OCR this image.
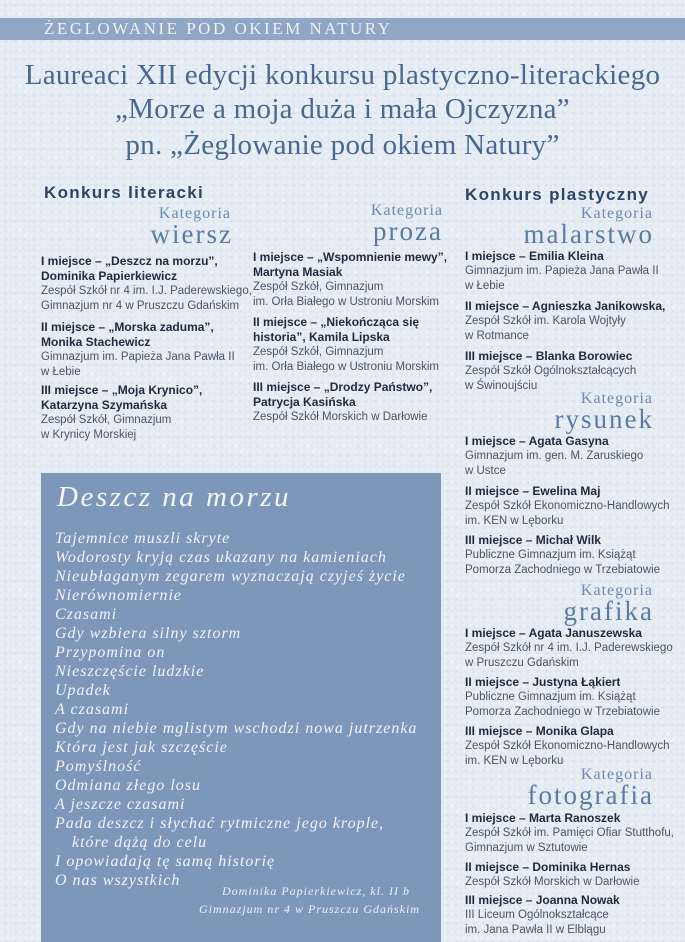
ŻEGLOWANIE POD OKIEM NATURY
Laureaci XII edycji konkursu plastyczno-literackiego
„Morze a moja duża i mała Ojczyzna”
pn. „Żeglowanie pod okiem Natury”
Konkurs literacki
Kategoria
wiersz
I miejsce – „Deszcz na morzu”,
Dominika Papierkiewicz
Zespół Szkół nr 4 im. I.J. Paderewskiego,
Gimnazjum nr 4 w Pruszczu Gdańskim
II miejsce – „Morska zaduma”,
Monika Stachewicz
Gimnazjum im. Papieża Jana Pawła II
w Łebie
III miejsce – „Moja Krynico”,
Katarzyna Szymańska
Zespół Szkół, Gimnazjum
w Krynicy Morskiej
Kategoria
proza
I miejsce – „Wspomnienie mewy”,
Martyna Masiak
Zespół Szkół, Gimnazjum
im. Orła Białego w Ustroniu Morskim
II miejsce – „Niekończąca się
historia”, Kamila Lipska
Zespół Szkół, Gimnazjum
im. Orła Białego w Ustroniu Morskim
III miejsce – „Drodzy Państwo”,
Patrycja Kasińska
Zespół Szkół Morskich w Darłowie
Konkurs plastyczny
Kategoria
malarstwo
I miejsce – Emilia Kleina
Gimnazjum im. Papieża Jana Pawła II
w Łebie
II miejsce – Agnieszka Janikowska,
Zespół Szkół im. Karola Wojtyły
w Rotmance
III miejsce – Blanka Borowiec
Zespół Szkół Ogólnokształcących
w Świnoujściu
Kategoria
rysunek
I miejsce – Agata Gasyna
Gimnazjum im. gen. M. Zaruskiego
w Ustce
II miejsce – Ewelina Maj
Zespół Szkół Ekonomiczno-Handlowych
im. KEN w Lęborku
III miejsce – Michał Wilk
Publiczne Gimnazjum im. Książąt
Pomorza Zachodniego w Trzebiatowie
Kategoria
grafika
I miejsce – Agata Januszewska
Zespół Szkół nr 4 im. I.J. Paderewskiego
w Pruszczu Gdańskim
II miejsce – Justyna Łąkiert
Publiczne Gimnazjum im. Książąt
Pomorza Zachodniego w Trzebiatowie
III miejsce – Monika Glapa
Zespół Szkół Ekonomiczno-Handlowych
im. KEN w Lęborku
Kategoria
fotografia
I miejsce – Marta Ranoszek
Zespół Szkół im. Pamięci Ofiar Stutthofu,
Gimnazjum w Sztutowie
II miejsce – Dominika Hernas
Zespół Szkół Morskich w Darłowie
III miejsce – Joanna Nowak
III Liceum Ogólnokształcące
im. Jana Pawła II w Elblągu
Deszcz na morzu
Tajemnice muszli skryte
Wodorosty kryją czas ukazany na kamieniach
Nieubłaganym zegarem wyznaczają czyjeś życie
Nierównomiernie
Czasami
Gdy wzbiera silny sztorm
Przypomina on
Nieszczęście ludzkie
Upadek
A czasami
Gdy na niebie mglistym wschodzi nowa jutrzenka
Która jest jak szczęście
Pomyślność
Odmiana złego losu
A jeszcze czasami
Pada deszcz i słychać rytmiczne jego krople,
które dążą do celu
I opowiadają tę samą historię
O nas wszystkich
Dominika Papierkiewicz, kl. II b
Gimnazjum nr 4 w Pruszczu Gdańskim
